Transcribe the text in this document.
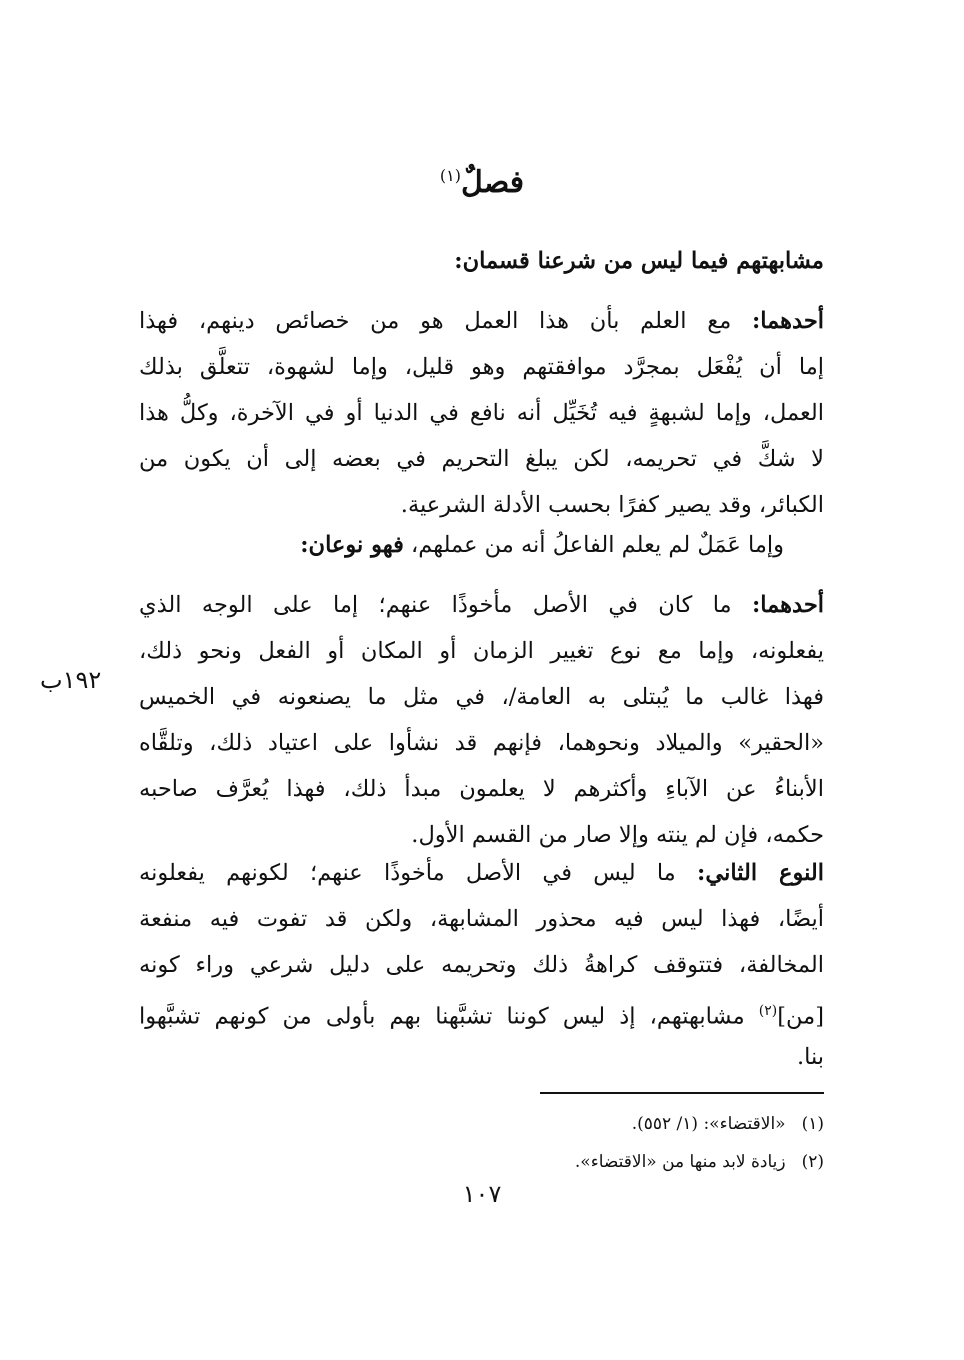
فصلٌ$^{(١)}$
مشابهتهم فيما ليس من شرعنا قسمان:
أحدهما: مع العلم بأن هذا العمل هو من خصائص دينهم، فهذا
إما أن يُفْعَل بمجرَّد موافقتهم وهو قليل، وإما لشهوة، تتعلَّق بذلك
العمل، وإما لشبهةٍ فيه تُخَيِّل أنه نافع في الدنيا أو في الآخرة، وكلُّ هذا
لا شكَّ في تحريمه، لكن يبلغ التحريم في بعضه إلى أن يكون من
الكبائر، وقد يصير كفرًا بحسب الأدلة الشرعية.
وإما عَمَلٌ لم يعلم الفاعلُ أنه من عملهم، فهو نوعان:
أحدهما: ما كان في الأصل مأخوذًا عنهم؛ إما على الوجه الذي
يفعلونه، وإما مع نوع تغيير الزمان أو المكان أو الفعل ونحو ذلك،
فهذا غالب ما يُبتلى به العامة/، في مثل ما يصنعونه في الخميس
«الحقير» والميلاد ونحوهما، فإنهم قد نشأوا على اعتياد ذلك، وتلقَّاه
الأبناءُ عن الآباءِ وأكثرهم لا يعلمون مبدأ ذلك، فهذا يُعرَّف صاحبه
حكمه، فإن لم ينته وإلا صار من القسم الأول.
١٩٢ب
النوع الثاني: ما ليس في الأصل مأخوذًا عنهم؛ لكونهم يفعلونه
أيضًا، فهذا ليس فيه محذور المشابهة، ولكن قد تفوت فيه منفعة
المخالفة، فتتوقف كراهةُ ذلك وتحريمه على دليل شرعي وراء كونه
[من]$^{(٢)}$ مشابهتهم، إذ ليس كوننا تشبَّهنا بهم بأولى من كونهم تشبَّهوا
بنا.
(١)«الاقتضاء»: (١/ ٥٥٢).
(٢)زيادة لابد منها من «الاقتضاء».
١٠٧
